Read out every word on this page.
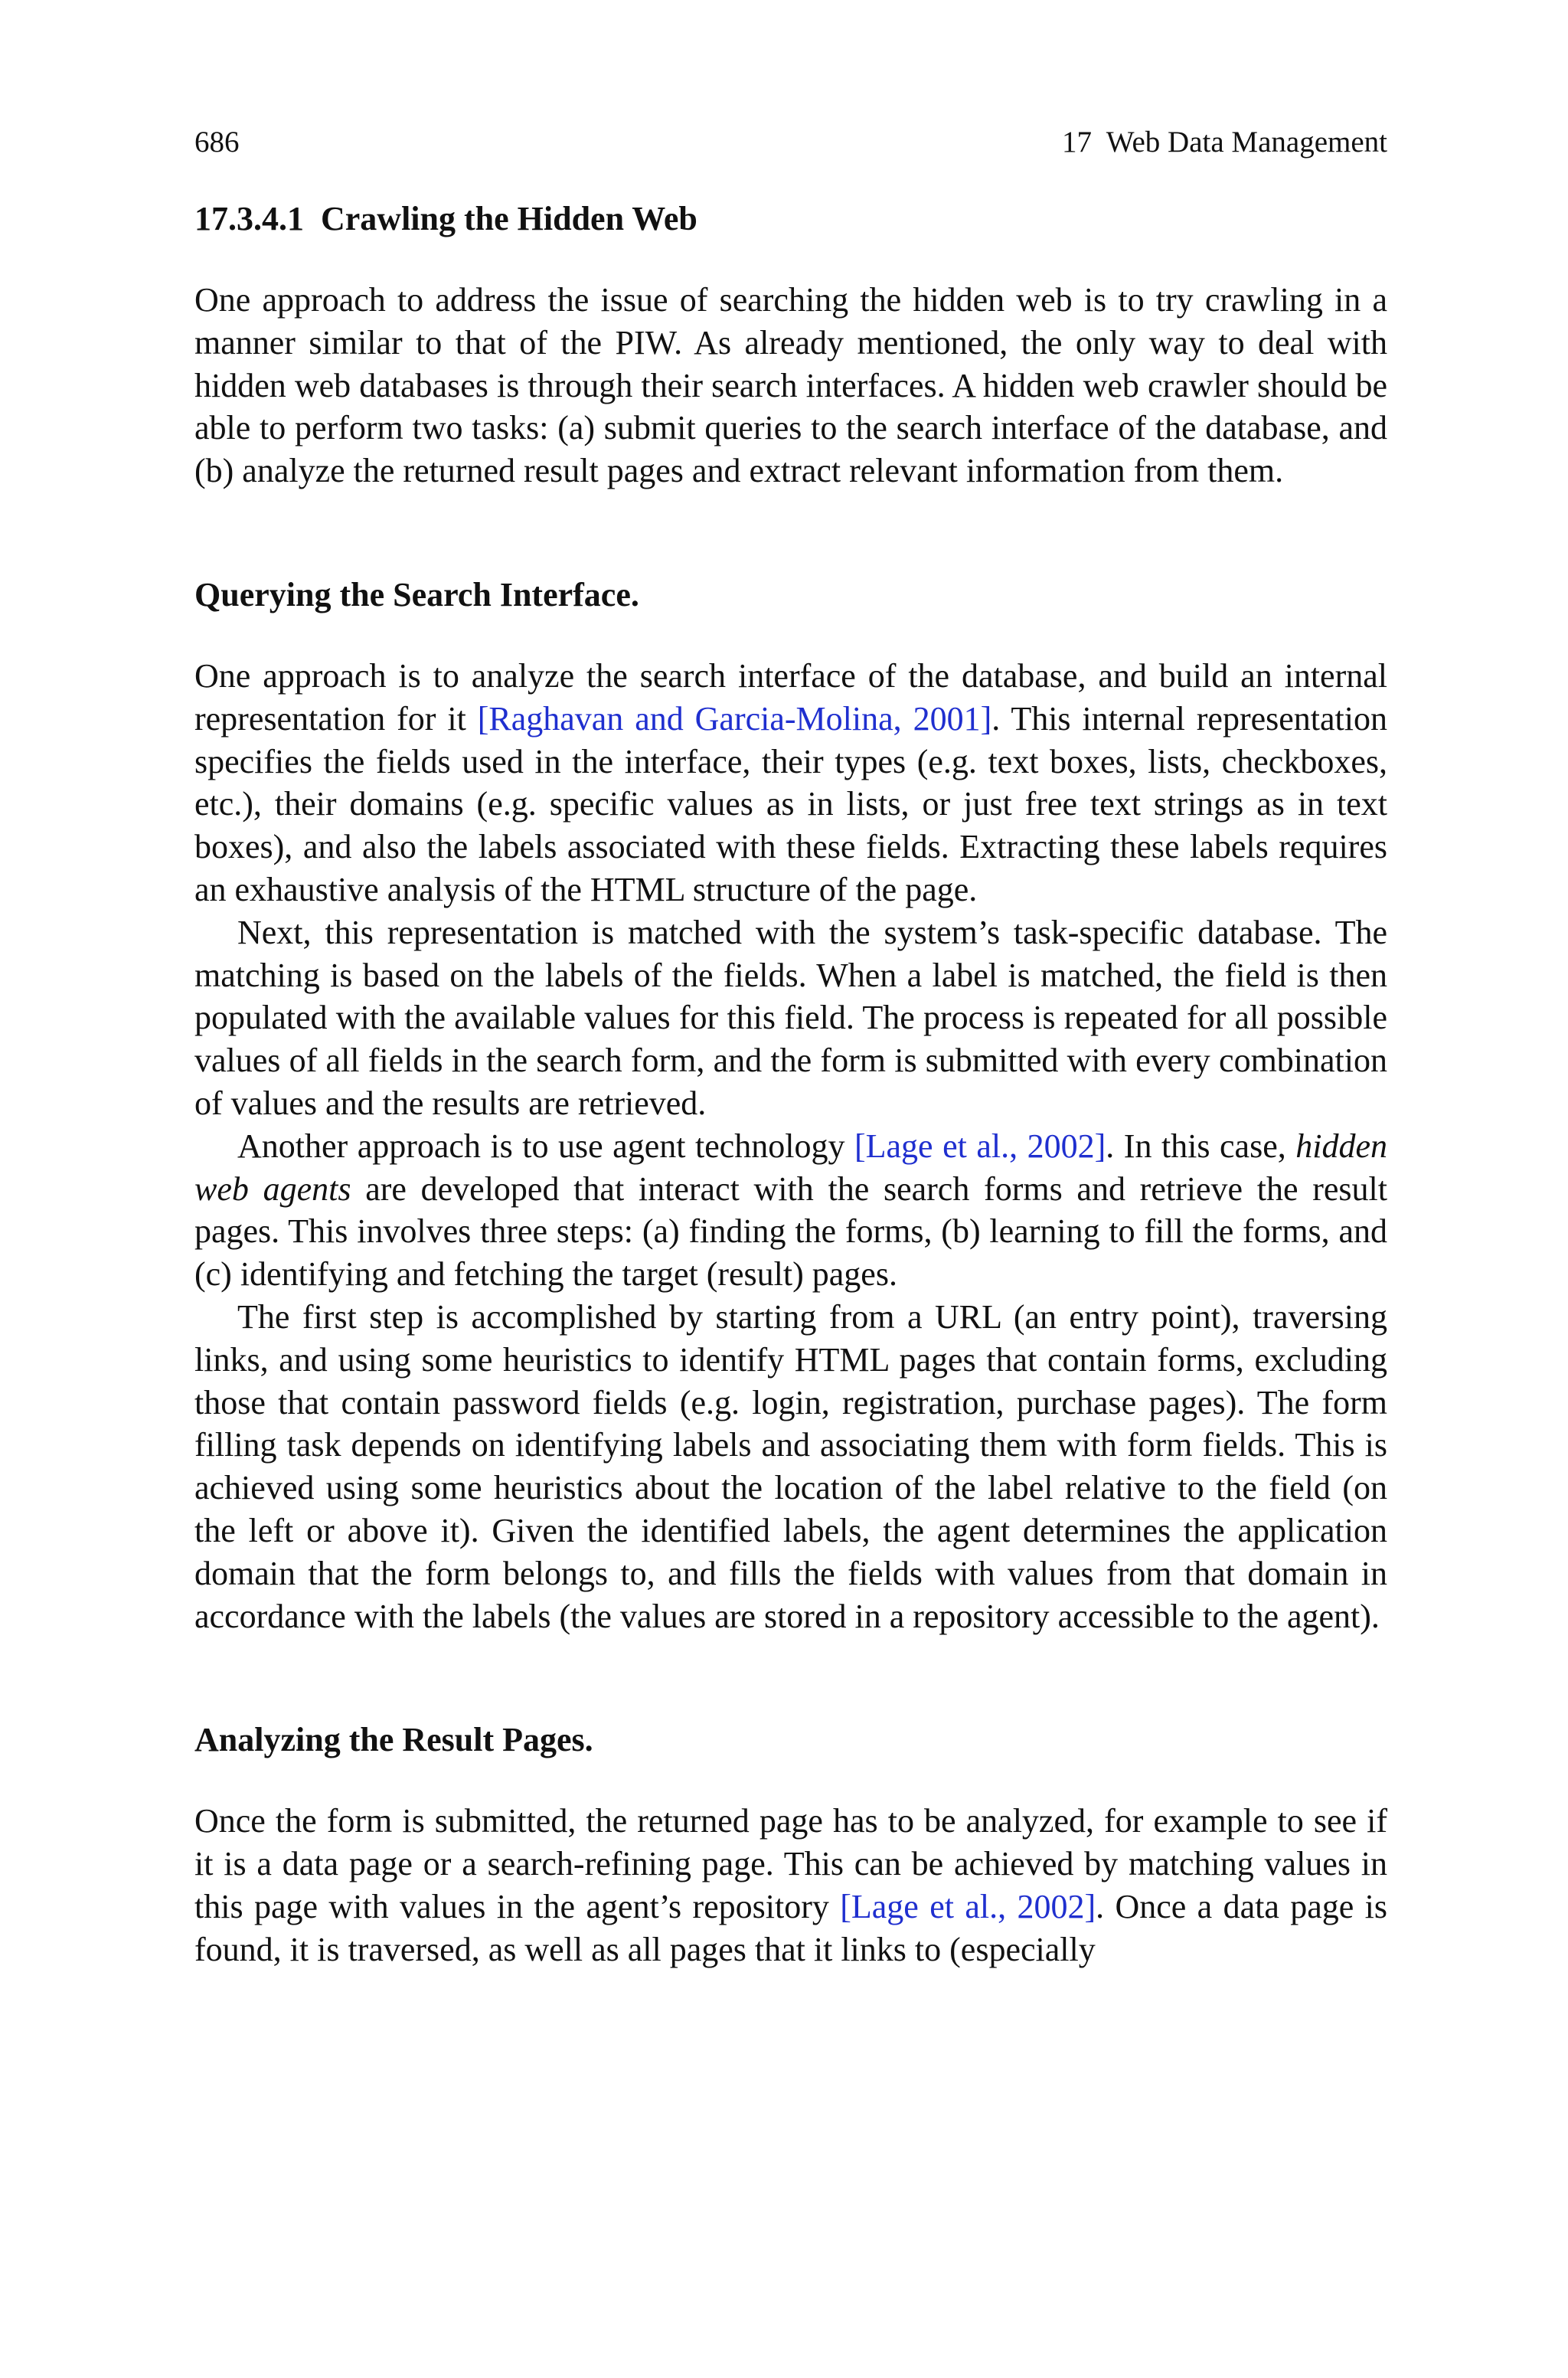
686	17 Web Data Management
17.3.4.1 Crawling the Hidden Web

One approach to address the issue of searching the hidden web is to try crawling in a manner similar to that of the PIW. As already mentioned, the only way to deal with hidden web databases is through their search interfaces. A hidden web crawler should be able to perform two tasks: (a) submit queries to the search interface of the database, and (b) analyze the returned result pages and extract relevant information from them.

Querying the Search Interface.

One approach is to analyze the search interface of the database, and build an internal representation for it [Raghavan and Garcia-Molina, 2001]. This internal representation specifies the fields used in the interface, their types (e.g. text boxes, lists, checkboxes, etc.), their domains (e.g. specific values as in lists, or just free text strings as in text boxes), and also the labels associated with these fields. Extracting these labels requires an exhaustive analysis of the HTML structure of the page.

Next, this representation is matched with the system’s task-specific database. The matching is based on the labels of the fields. When a label is matched, the field is then populated with the available values for this field. The process is repeated for all possible values of all fields in the search form, and the form is submitted with every combination of values and the results are retrieved.

Another approach is to use agent technology [Lage et al., 2002]. In this case, hidden web agents are developed that interact with the search forms and retrieve the result pages. This involves three steps: (a) finding the forms, (b) learning to fill the forms, and (c) identifying and fetching the target (result) pages.

The first step is accomplished by starting from a URL (an entry point), traversing links, and using some heuristics to identify HTML pages that contain forms, excluding those that contain password fields (e.g. login, registration, purchase pages). The form filling task depends on identifying labels and associating them with form fields. This is achieved using some heuristics about the location of the label relative to the field (on the left or above it). Given the identified labels, the agent determines the application domain that the form belongs to, and fills the fields with values from that domain in accordance with the labels (the values are stored in a repository accessible to the agent).

Analyzing the Result Pages.

Once the form is submitted, the returned page has to be analyzed, for example to see if it is a data page or a search-refining page. This can be achieved by matching values in this page with values in the agent’s repository [Lage et al., 2002]. Once a data page is found, it is traversed, as well as all pages that it links to (especially
